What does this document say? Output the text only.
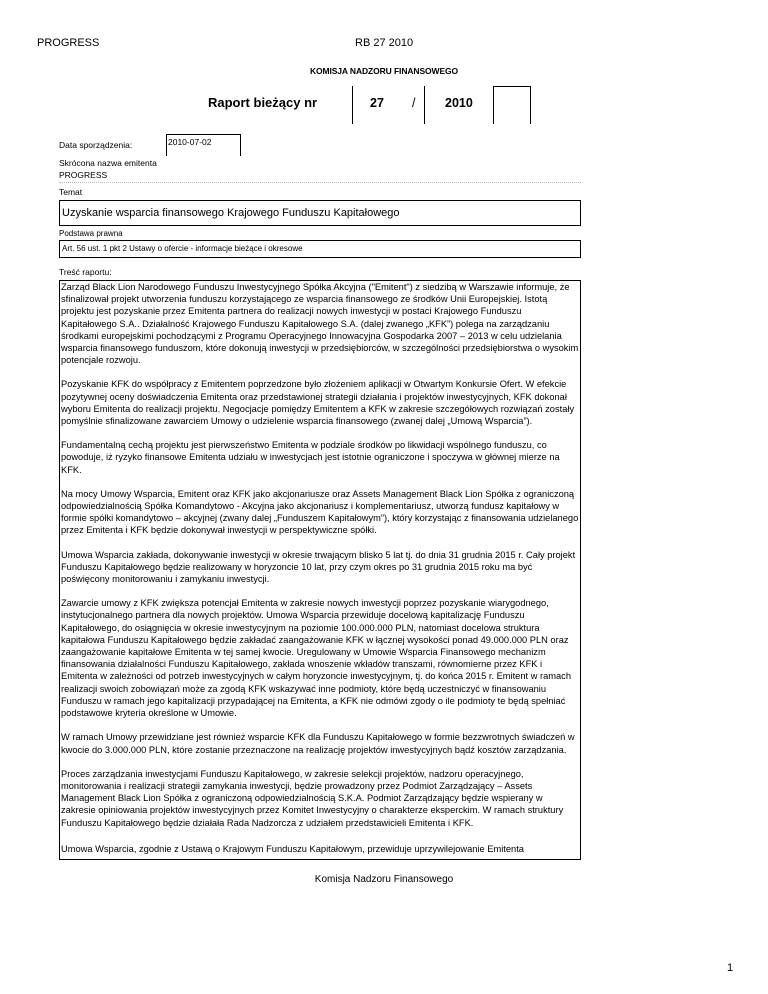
PROGRESS	RB 27 2010
KOMISJA NADZORU FINANSOWEGO
Raport bieżący nr	27 / 2010
Data sporządzenia:	2010-07-02
Skrócona nazwa emitenta
PROGRESS
Temat
Uzyskanie wsparcia finansowego Krajowego Funduszu Kapitałowego
Podstawa prawna
Art. 56 ust. 1 pkt 2 Ustawy o ofercie - informacje bieżące i okresowe
Treść raportu:

Zarząd Black Lion Narodowego Funduszu Inwestycyjnego Spółka Akcyjna ("Emitent") z siedzibą w Warszawie informuje, że sfinalizował projekt utworzenia funduszu korzystającego ze wsparcia finansowego ze środków Unii Europejskiej. Istotą projektu jest pozyskanie przez Emitenta partnera do realizacji nowych inwestycji w postaci Krajowego Funduszu Kapitałowego S.A.. Działalność Krajowego Funduszu Kapitałowego S.A. (dalej zwanego „KFK”) polega na zarządzaniu środkami europejskimi pochodzącymi z Programu Operacyjnego Innowacyjna Gospodarka 2007 – 2013 w celu udzielania wsparcia finansowego funduszom, które dokonują inwestycji w przedsiębiorców, w szczególności przedsiębiorstwa o wysokim potencjale rozwoju.

Pozyskanie KFK do współpracy z Emitentem poprzedzone było złożeniem aplikacji w Otwartym Konkursie Ofert. W efekcie pozytywnej oceny doświadczenia Emitenta oraz przedstawionej strategii działania i projektów inwestycyjnych, KFK dokonał wyboru Emitenta do realizacji projektu. Negocjacje pomiędzy Emitentem a KFK w zakresie szczegółowych rozwiązań zostały pomyślnie sfinalizowane zawarciem Umowy o udzielenie wsparcia finansowego (zwanej dalej „Umową Wsparcia”).

Fundamentalną cechą projektu jest pierwszeństwo Emitenta w podziale środków po likwidacji wspólnego funduszu, co powoduje, iż ryzyko finansowe Emitenta udziału w inwestycjach jest istotnie ograniczone i spoczywa w głównej mierze na KFK.

Na mocy Umowy Wsparcia, Emitent oraz KFK jako akcjonariusze oraz Assets Management Black Lion Spółka z ograniczoną odpowiedzialnością Spółka Komandytowo - Akcyjna jako akcjonariusz i komplementariusz, utworzą fundusz kapitałowy w formie spółki komandytowo – akcyjnej (zwany dalej „Funduszem Kapitałowym”), który korzystając z finansowania udzielanego przez Emitenta i KFK będzie dokonywał inwestycji w perspektywiczne spółki.

Umowa Wsparcia zakłada, dokonywanie inwestycji w okresie trwającym blisko 5 lat tj. do dnia 31 grudnia 2015 r. Cały projekt Funduszu Kapitałowego będzie realizowany w horyzoncie 10 lat, przy czym okres po 31 grudnia 2015 roku ma być poświęcony monitorowaniu i zamykaniu inwestycji.

Zawarcie umowy z KFK zwiększa potencjał Emitenta w zakresie nowych inwestycji poprzez pozyskanie wiarygodnego, instytucjonalnego partnera dla nowych projektów. Umowa Wsparcia przewiduje docelową kapitalizację Funduszu Kapitałowego, do osiągnięcia w okresie inwestycyjnym na poziomie 100.000.000 PLN, natomiast docelowa struktura kapitałowa Funduszu Kapitałowego będzie zakładać zaangażowanie KFK w łącznej wysokości ponad 49.000.000 PLN oraz zaangażowanie kapitałowe Emitenta w tej samej kwocie. Uregulowany w Umowie Wsparcia Finansowego mechanizm finansowania działalności Funduszu Kapitałowego, zakłada wnoszenie wkładów transzami, równomierne przez KFK i Emitenta w zależności od potrzeb inwestycyjnych w całym horyzoncie inwestycyjnym, tj. do końca 2015 r. Emitent w ramach realizacji swoich zobowiązań może za zgodą KFK wskazywać inne podmioty, które będą uczestniczyć w finansowaniu Funduszu w ramach jego kapitalizacji przypadającej na Emitenta, a KFK nie odmówi zgody o ile podmioty te będą spełniać podstawowe kryteria określone w Umowie.

W ramach Umowy przewidziane jest również wsparcie KFK dla Funduszu Kapitałowego w formie bezzwrotnych świadczeń w kwocie do 3.000.000 PLN, które zostanie przeznaczone na realizację projektów inwestycyjnych bądź kosztów zarządzania.

Proces zarządzania inwestycjami Funduszu Kapitałowego, w zakresie selekcji projektów, nadzoru operacyjnego, monitorowania i realizacji strategii zamykania inwestycji, będzie prowadzony przez Podmiot Zarządzający – Assets Management Black Lion Spółka z ograniczoną odpowiedzialnością S.K.A. Podmiot Zarządzający będzie wspierany w zakresie opiniowania projektów inwestycyjnych przez Komitet Inwestycyjny o charakterze eksperckim. W ramach struktury Funduszu Kapitałowego będzie działała Rada Nadzorcza z udziałem przedstawicieli Emitenta i KFK.

Umowa Wsparcia, zgodnie z Ustawą o Krajowym Funduszu Kapitałowym, przewiduje uprzywilejowanie Emitenta

Komisja Nadzoru Finansowego
1
